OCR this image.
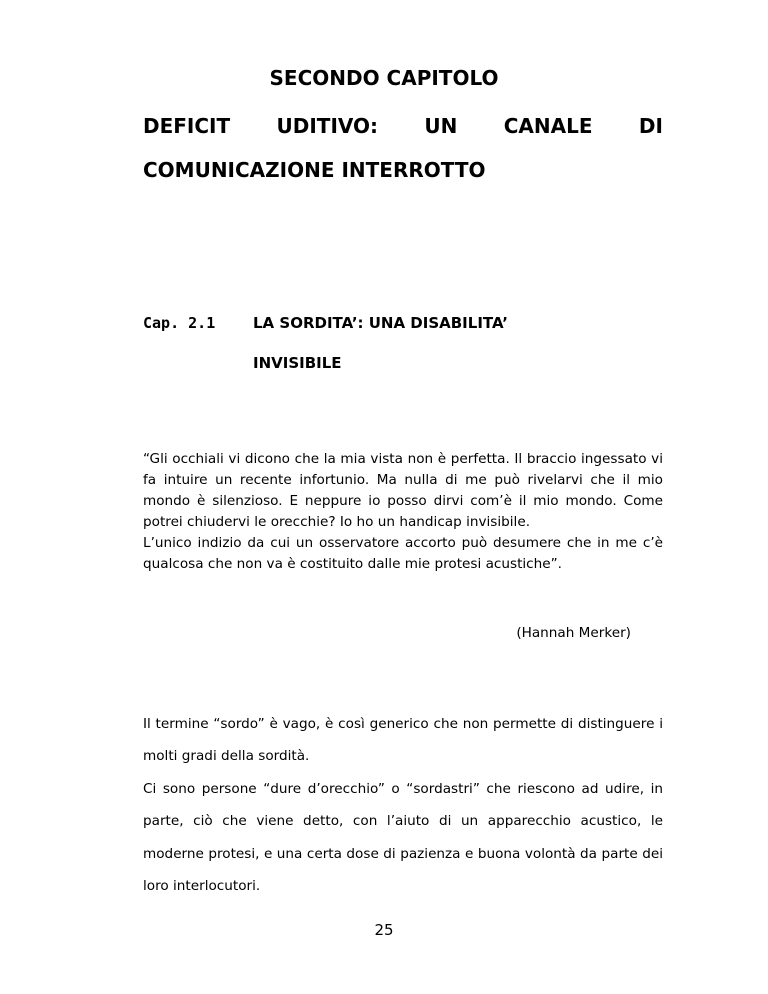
SECONDO CAPITOLO
DEFICIT UDITIVO: UN CANALE DI
COMUNICAZIONE INTERROTTO
Cap. 2.1	LA SORDITA’: UNA DISABILITA’
INVISIBILE

“Gli occhiali vi dicono che la mia vista non è perfetta. Il braccio ingessato vi fa intuire un recente infortunio. Ma nulla di me può rivelarvi che il mio mondo è silenzioso. E neppure io posso dirvi com’è il mio mondo. Come potrei chiudervi le orecchie? Io ho un handicap invisibile.

L’unico indizio da cui un osservatore accorto può desumere che in me c’è qualcosa che non va è costituito dalle mie protesi acustiche”.

(Hannah Merker)

Il termine “sordo” è vago, è così generico che non permette di distinguere i molti gradi della sordità.

Ci sono persone “dure d’orecchio” o “sordastri” che riescono ad udire, in parte, ciò che viene detto, con l’aiuto di un apparecchio acustico, le moderne protesi, e una certa dose di pazienza e buona volontà da parte dei loro interlocutori.

25
